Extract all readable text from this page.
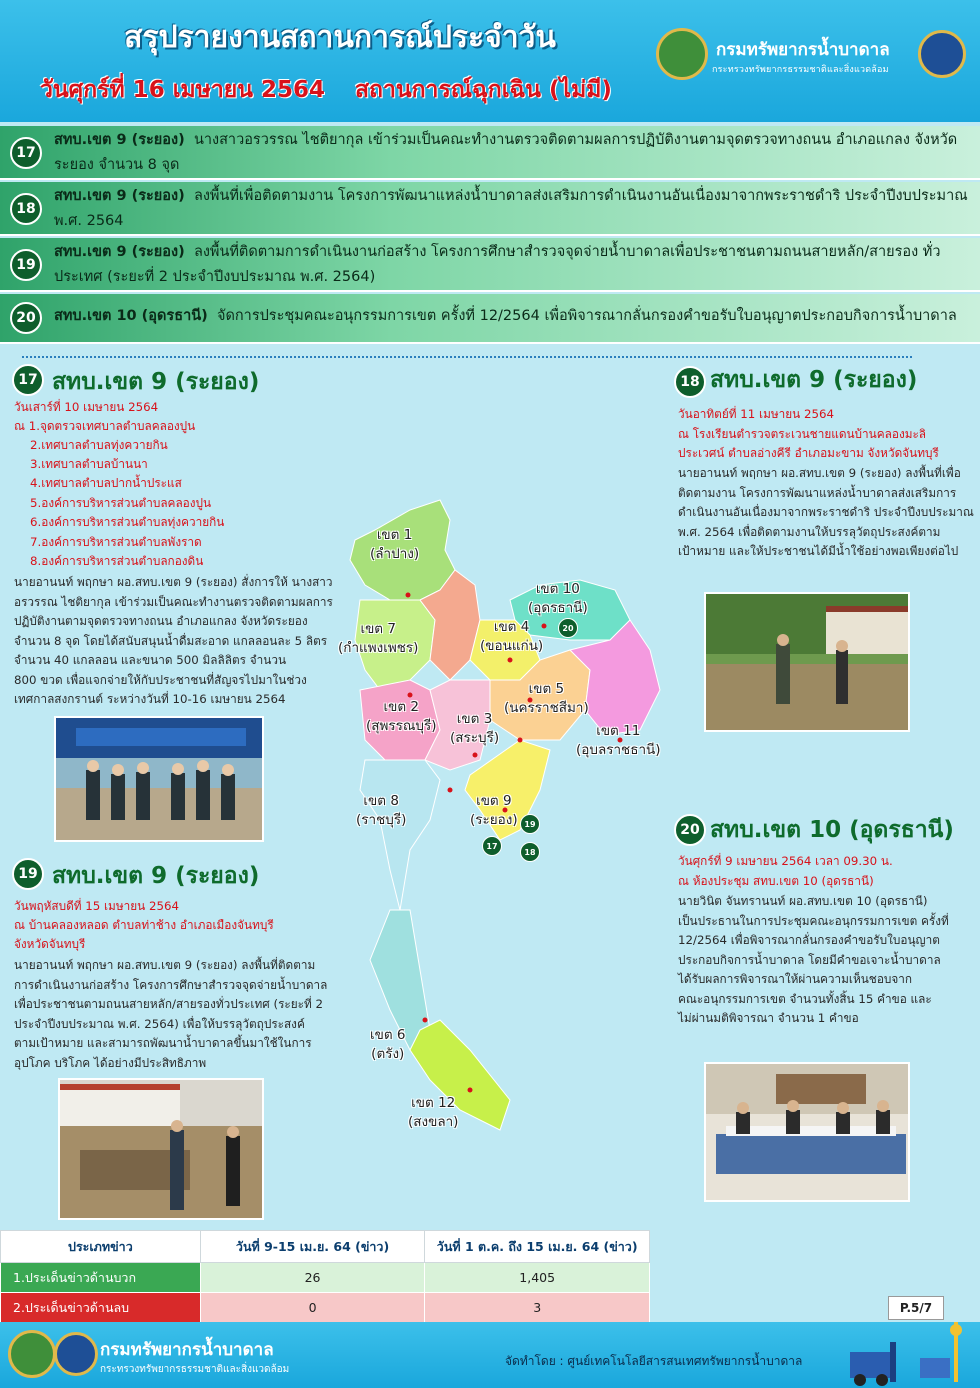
สรุปรายงานสถานการณ์ประจำวัน
วันศุกร์ที่ 16 เมษายน 2564 สถานการณ์ฉุกเฉิน (ไม่มี)
กรมทรัพยากรน้ำบาดาล
กระทรวงทรัพยากรธรรมชาติและสิ่งแวดล้อม
17
สทบ.เขต 9 (ระยอง) นางสาวอรวรรณ ไชติยากุล เข้าร่วมเป็นคณะทำงานตรวจติดตามผลการปฏิบัติงานตามจุดตรวจทางถนน อำเภอแกลง จังหวัดระยอง จำนวน 8 จุด
18
สทบ.เขต 9 (ระยอง) ลงพื้นที่เพื่อติดตามงาน โครงการพัฒนาแหล่งน้ำบาดาลส่งเสริมการดำเนินงานอันเนื่องมาจากพระราชดำริ ประจำปีงบประมาณ พ.ศ. 2564
19
สทบ.เขต 9 (ระยอง) ลงพื้นที่ติดตามการดำเนินงานก่อสร้าง โครงการศึกษาสำรวจจุดจ่ายน้ำบาดาลเพื่อประชาชนตามถนนสายหลัก/สายรอง ทั่วประเทศ (ระยะที่ 2 ประจำปีงบประมาณ พ.ศ. 2564)
20	สทบ.เขต 10 (อุดรธานี) จัดการประชุมคณะอนุกรรมการเขต ครั้งที่ 12/2564 เพื่อพิจารณากลั่นกรองคำขอรับใบอนุญาตประกอบกิจการน้ำบาดาล
17 สทบ.เขต 9 (ระยอง)
วันเสาร์ที่ 10 เมษายน 2564
ณ 1.จุดตรวจเทศบาลตำบลคลองปูน
2.เทศบาลตำบลทุ่งควายกิน
3.เทศบาลตำบลบ้านนา
4.เทศบาลตำบลปากน้ำประแส
5.องค์การบริหารส่วนตำบลคลองปูน
6.องค์การบริหารส่วนตำบลทุ่งควายกิน
7.องค์การบริหารส่วนตำบลพังราด
8.องค์การบริหารส่วนตำบลกองดิน
นายอานนท์ พฤกษา ผอ.สทบ.เขต 9 (ระยอง) สั่งการให้ นางสาว
อรวรรณ ไชติยากุล เข้าร่วมเป็นคณะทำงานตรวจติดตามผลการ
ปฏิบัติงานตามจุดตรวจทางถนน อำเภอแกลง จังหวัดระยอง
จำนวน 8 จุด โดยได้สนับสนุนน้ำดื่มสะอาด แกลลอนละ 5 ลิตร
จำนวน 40 แกลลอน และขนาด 500 มิลลิลิตร จำนวน
800 ขวด เพื่อแจกจ่ายให้กับประชาชนที่สัญจรไปมาในช่วง
เทศกาลสงกรานต์ ระหว่างวันที่ 10-16 เมษายน 2564
18 สทบ.เขต 9 (ระยอง)
วันอาทิตย์ที่ 11 เมษายน 2564
ณ โรงเรียนตำรวจตระเวนชายแดนบ้านคลองมะลิ
ประเวศน์ ตำบลอ่างคีรี อำเภอมะขาม จังหวัดจันทบุรี
นายอานนท์ พฤกษา ผอ.สทบ.เขต 9 (ระยอง) ลงพื้นที่เพื่อ
ติดตามงาน โครงการพัฒนาแหล่งน้ำบาดาลส่งเสริมการ
ดำเนินงานอันเนื่องมาจากพระราชดำริ ประจำปีงบประมาณ
พ.ศ. 2564 เพื่อติดตามงานให้บรรลุวัตถุประสงค์ตาม
เป้าหมาย และให้ประชาชนได้มีน้ำใช้อย่างพอเพียงต่อไป
19 สทบ.เขต 9 (ระยอง)
วันพฤหัสบดีที่ 15 เมษายน 2564
ณ บ้านคลองหลอด ตำบลท่าช้าง อำเภอเมืองจันทบุรี
จังหวัดจันทบุรี
นายอานนท์ พฤกษา ผอ.สทบ.เขต 9 (ระยอง) ลงพื้นที่ติดตาม
การดำเนินงานก่อสร้าง โครงการศึกษาสำรวจจุดจ่ายน้ำบาดาล
เพื่อประชาชนตามถนนสายหลัก/สายรองทั่วประเทศ (ระยะที่ 2
ประจำปีงบประมาณ พ.ศ. 2564) เพื่อให้บรรลุวัตถุประสงค์
ตามเป้าหมาย และสามารถพัฒนาน้ำบาดาลขึ้นมาใช้ในการ
อุปโภค บริโภค ได้อย่างมีประสิทธิภาพ
20 สทบ.เขต 10 (อุดรธานี)
วันศุกร์ที่ 9 เมษายน 2564 เวลา 09.30 น.
ณ ห้องประชุม สทบ.เขต 10 (อุดรธานี)
นายวินิต จันทรานนท์ ผอ.สทบ.เขต 10 (อุดรธานี)
เป็นประธานในการประชุมคณะอนุกรรมการเขต ครั้งที่
12/2564 เพื่อพิจารณากลั่นกรองคำขอรับใบอนุญาต
ประกอบกิจการน้ำบาดาล โดยมีคำขอเจาะน้ำบาดาล
ได้รับผลการพิจารณาให้ผ่านความเห็นชอบจาก
คณะอนุกรรมการเขต จำนวนทั้งสิ้น 15 คำขอ และ
ไม่ผ่านมติพิจารณา จำนวน 1 คำขอ
เขต 1
(ลำปาง)
เขต 7
(กำแพงเพชร)
เขต 10
(อุดรธานี)
เขต 4
(ขอนแก่น)
เขต 5
(นครราชสีมา)
เขต 2
(สุพรรณบุรี)	เขต 3
(สระบุรี)	เขต 11
(อุบลราชธานี)
เขต 8
(ราชบุรี)
เขต 9
(ระยอง)
เขต 6
(ตรัง)
เขต 12
(สงขลา)
20
19
17
18
ประเภทข่าว	วันที่ 9-15 เม.ย. 64 (ข่าว)	วันที่ 1 ต.ค. ถึง 15 เม.ย. 64 (ข่าว)
1.ประเด็นข่าวด้านบวก	26	1,405
2.ประเด็นข่าวด้านลบ	0	3	P.5/7
กรมทรัพยากรน้ำบาดาล
กระทรวงทรัพยากรธรรมชาติและสิ่งแวดล้อม
จัดทำโดย : ศูนย์เทคโนโลยีสารสนเทศทรัพยากรน้ำบาดาล
